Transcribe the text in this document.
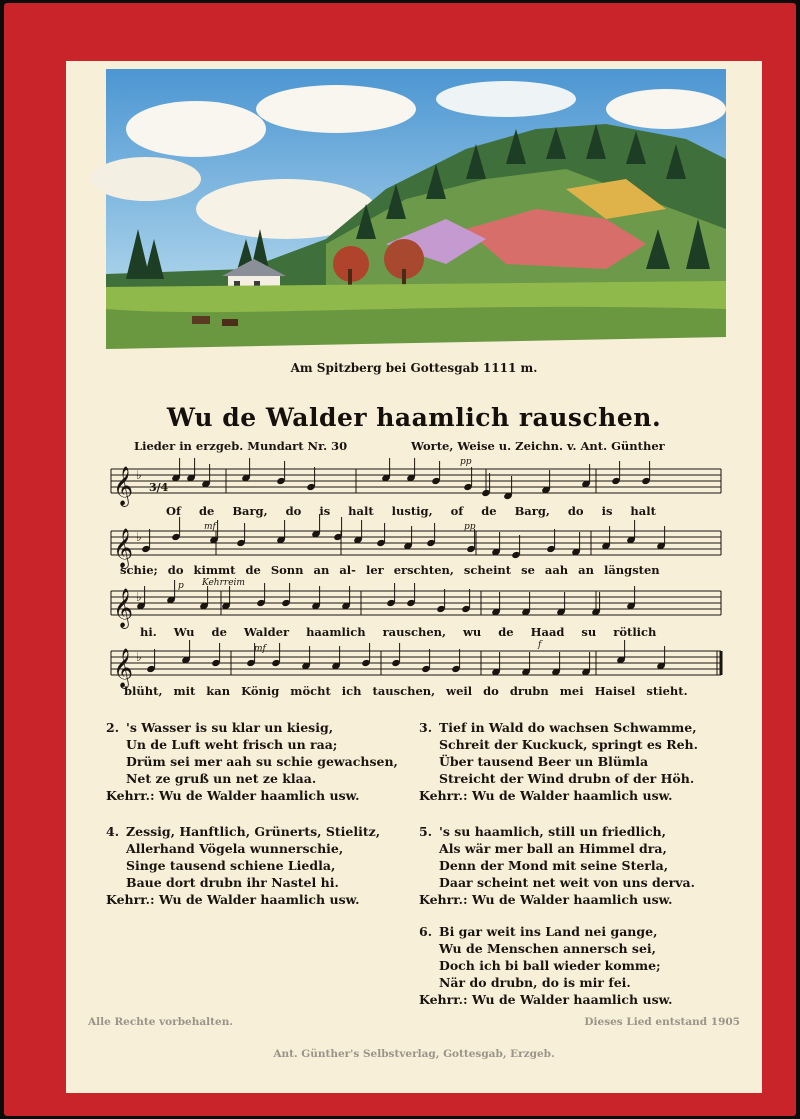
Am Spitzberg bei Gottesgab 1111 m.
Wu de Walder haamlich rauschen.
Lieder in erzgeb. Mundart Nr. 30	Worte, Weise u. Zeichn. v. Ant. Günther
pp
mf	pp
p Kehrreim
mf	f
𝄞 ♭
𝄞 ♭
𝄞 ♭
𝄞 ♭
3/4
Of de Barg, do is halt lustig, of de Barg, do is halt
schie; do kimmt de Sonn an al- ler erschten, scheint se aah an längsten
hi. Wu de Walder haamlich rauschen, wu de Haad su rötlich
blüht, mit kan König möcht ich tauschen, weil do drubn mei Haisel stieht.
2. 's Wasser is su klar un kiesig,
Un de Luft weht frisch un raa;
Drüm sei mer aah su schie gewachsen,
Net ze gruß un net ze klaa.
Kehrr.: Wu de Walder haamlich usw.
3. Tief in Wald do wachsen Schwamme,
Schreit der Kuckuck, springt es Reh.
Über tausend Beer un Blümla
Streicht der Wind drubn of der Höh.
Kehrr.: Wu de Walder haamlich usw.
4. Zessig, Hanftlich, Grünerts, Stielitz,
Allerhand Vögela wunnerschie,
Singe tausend schiene Liedla,
Baue dort drubn ihr Nastel hi.
Kehrr.: Wu de Walder haamlich usw.
5. 's su haamlich, still un friedlich,
Als wär mer ball an Himmel dra,
Denn der Mond mit seine Sterla,
Daar scheint net weit von uns derva.
Kehrr.: Wu de Walder haamlich usw.
6. Bi gar weit ins Land nei gange,
Wu de Menschen annersch sei,
Doch ich bi ball wieder komme;
När do drubn, do is mir fei.
Kehrr.: Wu de Walder haamlich usw.
Alle Rechte vorbehalten.	Dieses Lied entstand 1905
Ant. Günther's Selbstverlag, Gottesgab, Erzgeb.
